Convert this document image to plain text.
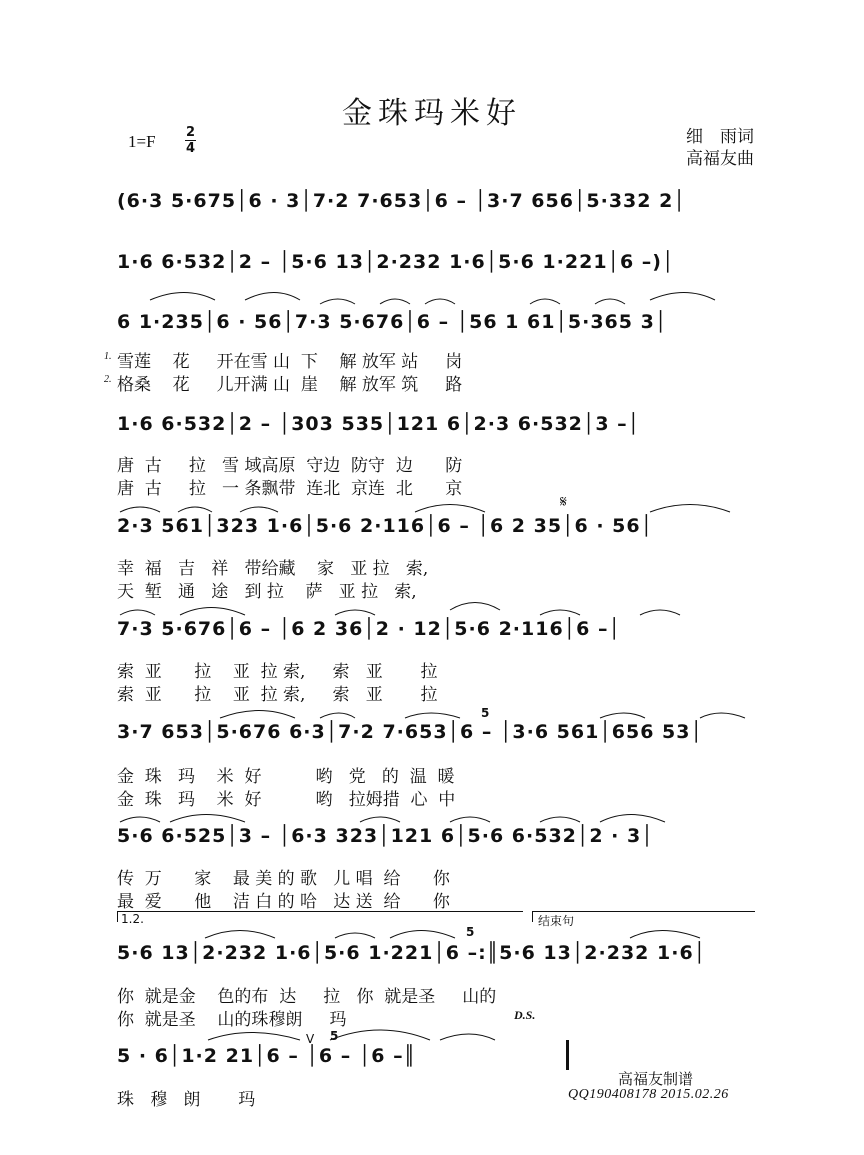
金珠玛米好
1=F 2
4
细　雨词
高福友曲
(6·3 5·675│6 · 3│7·2 7·653│6 – │3·7 656│5·332 2│
1·6 6·532│2 – │5·6 13│2·232 1·6│5·6 1·221│6 –)│
6 1·235│6 · 56│7·3 5·676│6 – │56 1 61│5·365 3│
1.
2.
雪莲    花     开在雪 山  下    解 放军 站     岗
格桑    花     儿开满 山  崖    解 放军 筑     路
1·6 6·532│2 – │303 535│121 6│2·3 6·532│3 –│
唐  古     拉   雪 域高原  守边  防守  边      防
唐  古     拉   一 条飘带  连北  京连  北      京
2·3 561│323 1·6│5·6 2·116│6 – │6 2 35│6 · 56│
𝄋
幸  福   吉   祥   带给藏    家   亚 拉   索,
天  堑   通   途   到 拉    萨   亚 拉   索,
7·3 5·676│6 – │6 2 36│2 · 12│5·6 2·116│6 –│
索  亚      拉    亚  拉 索,     索   亚       拉
索  亚      拉    亚  拉 索,     索   亚       拉
3·7 653│5·676 6·3│7·2 7·653│6 – │3·6 561│656 53│
5
金  珠   玛    米  好          哟   党   的  温  暖
金  珠   玛    米  好          哟   拉姆措  心  中
5·6 6·525│3 – │6·3 323│121 6│5·6 6·532│2 · 3│
传  万      家    最 美 的 歌   儿 唱  给      你
最  爱      他    洁 白 的 哈   达 送  给      你
1.2.	结束句
5·6 13│2·232 1·6│5·6 1·221│6 –:║5·6 13│2·232 1·6│
5
你  就是金    色的布  达     拉   你  就是圣     山的
你  就是圣    山的珠穆朗     玛	D.S.
5 · 6│1·2 21│6 – │6 – │6 –║
V 5
珠   穆   朗       玛
高福友制谱
QQ190408178 2015.02.26
